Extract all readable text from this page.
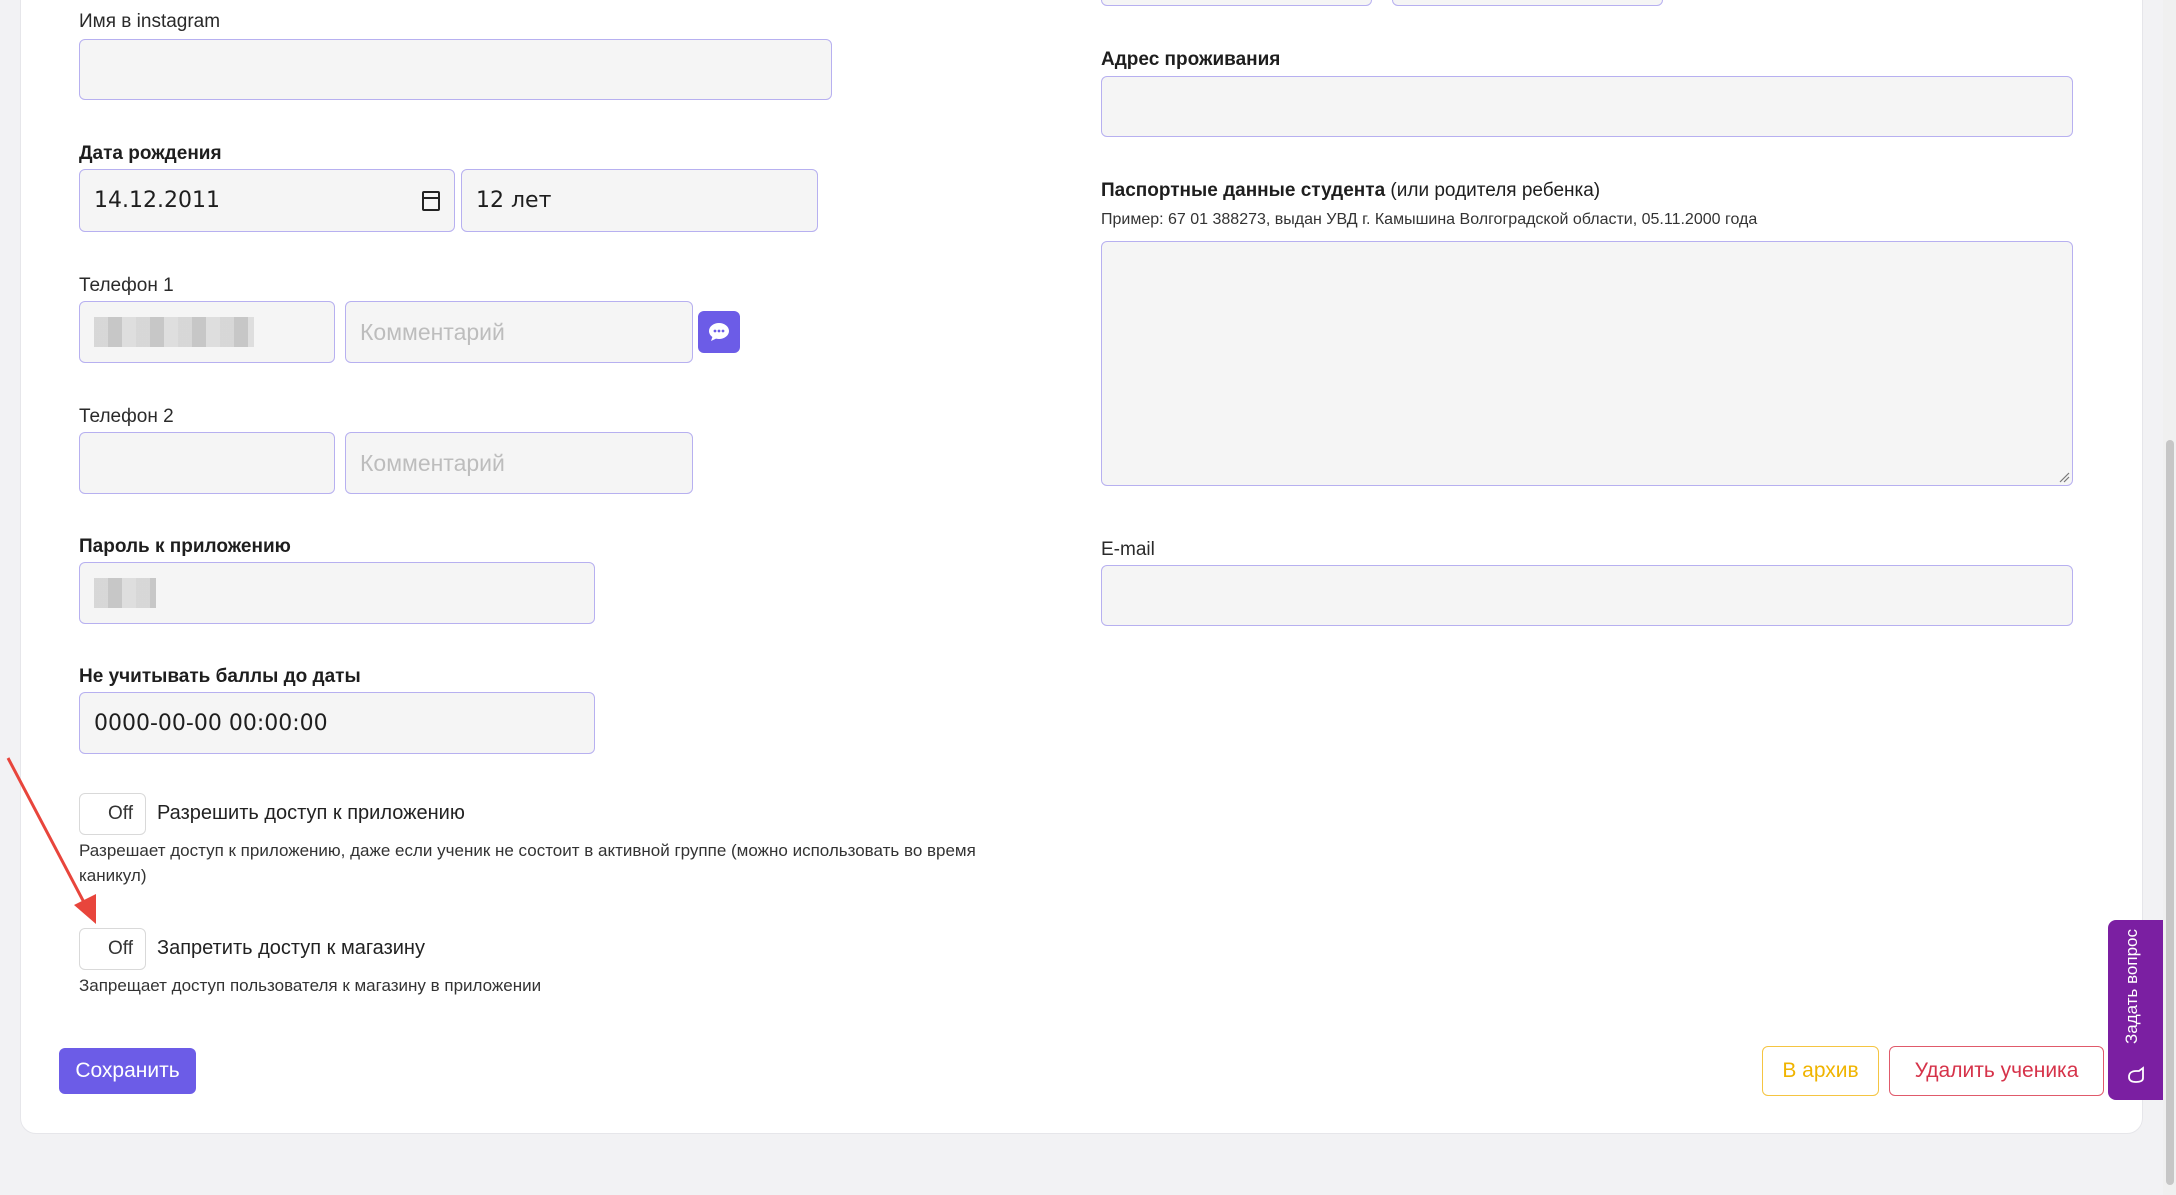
Имя в instagram
Дата рождения
14.12.2011	12 лет
Телефон 1
Комментарий
Телефон 2
Комментарий
Пароль к приложению
Не учитывать баллы до даты
0000-00-00 00:00:00
Off Разрешить доступ к приложению
Разрешает доступ к приложению, даже если ученик не состоит в активной группе (можно использовать во время каникул)
Off Запретить доступ к магазину
Запрещает доступ пользователя к магазину в приложении
Адрес проживания
Паспортные данные студента (или родителя ребенка)
Пример: 67 01 388273, выдан УВД г. Камышина Волгоградской области, 05.11.2000 года
E-mail
Сохранить	В архив	Удалить ученика
Задать вопрос
